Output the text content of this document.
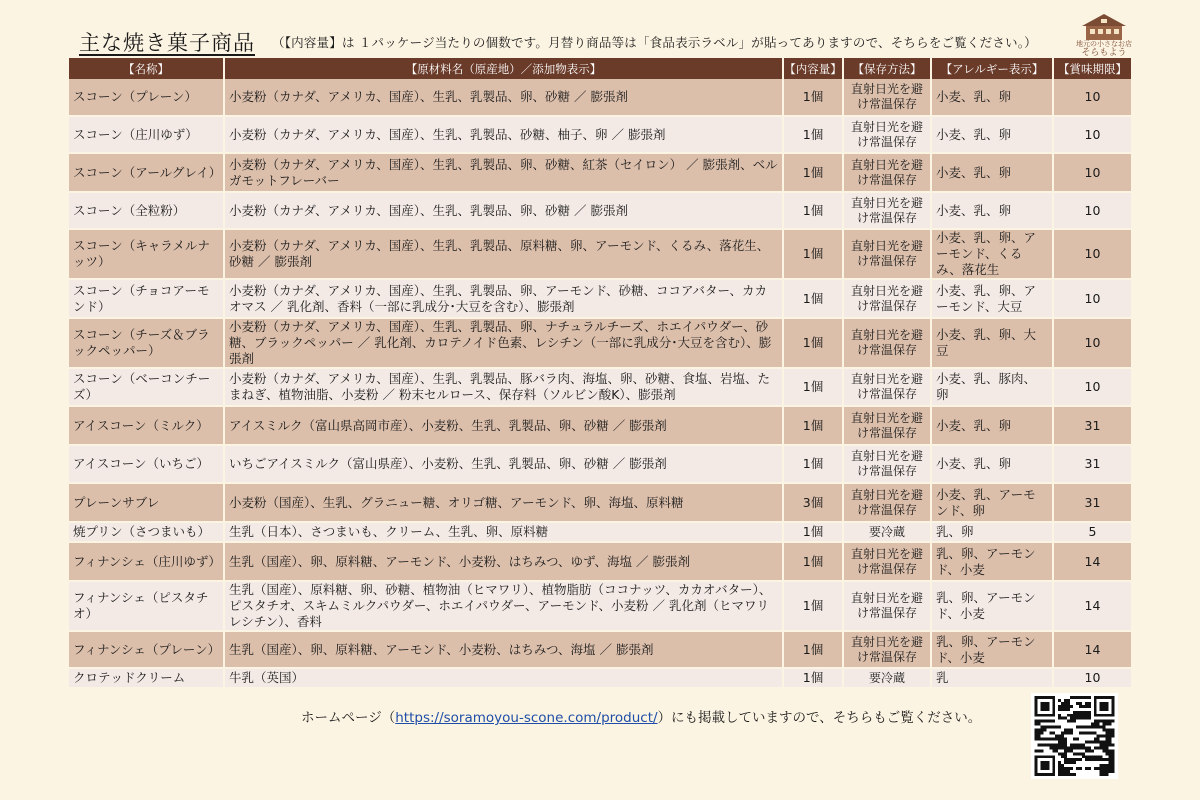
主な焼き菓子商品 （【内容量】は １パッケージ当たりの個数です。月替り商品等は「食品表示ラベル」が貼ってありますので、そちらをご覧ください。）	地元の小さなお店
そらもよう
【名称】	【原材料名（原産地）／添加物表示】	【内容量】	【保存方法】	【アレルギー表示】	【賞味期限】
スコーン（プレーン）	小麦粉（カナダ、アメリカ、国産）、生乳、乳製品、卵、砂糖 ／ 膨張剤	1個	直射日光を避け常温保存	小麦、乳、卵	10
スコーン（庄川ゆず）	小麦粉（カナダ、アメリカ、国産）、生乳、乳製品、砂糖、柚子、卵 ／ 膨張剤	1個	直射日光を避け常温保存	小麦、乳、卵	10
スコーン（アールグレイ）	小麦粉（カナダ、アメリカ、国産）、生乳、乳製品、卵、砂糖、紅茶（セイロン） ／ 膨張剤、ベルガモットフレーバー	1個	直射日光を避け常温保存	小麦、乳、卵	10
スコーン（全粒粉）	小麦粉（カナダ、アメリカ、国産）、生乳、乳製品、卵、砂糖 ／ 膨張剤	1個	直射日光を避け常温保存	小麦、乳、卵	10
スコーン（キャラメルナッツ）	小麦粉（カナダ、アメリカ、国産）、生乳、乳製品、原料糖、卵、アーモンド、くるみ、落花生、砂糖 ／ 膨張剤	1個	直射日光を避け常温保存	小麦、乳、卵、アーモンド、くるみ、落花生	10
スコーン（チョコアーモンド）	小麦粉（カナダ、アメリカ、国産）、生乳、乳製品、卵、アーモンド、砂糖、ココアバター、カカオマス ／ 乳化剤、香料（一部に乳成分･大豆を含む）、膨張剤	1個	直射日光を避け常温保存	小麦、乳、卵、アーモンド、大豆	10
スコーン（チーズ＆ブラックペッパー）	小麦粉（カナダ、アメリカ、国産）、生乳、乳製品、卵、ナチュラルチーズ、ホエイパウダー、砂糖、ブラックペッパー ／ 乳化剤、カロテノイド色素、レシチン（一部に乳成分･大豆を含む）、膨張剤	1個	直射日光を避け常温保存	小麦、乳、卵、大豆	10
スコーン（ベーコンチーズ）	小麦粉（カナダ、アメリカ、国産）、生乳、乳製品、豚バラ肉、海塩、卵、砂糖、食塩、岩塩、たまねぎ、植物油脂、小麦粉 ／ 粉末セルロース、保存料（ソルビン酸K）、膨張剤	1個	直射日光を避け常温保存	小麦、乳、豚肉、卵	10
アイスコーン（ミルク）	アイスミルク（富山県高岡市産）、小麦粉、生乳、乳製品、卵、砂糖 ／ 膨張剤	1個	直射日光を避け常温保存	小麦、乳、卵	31
アイスコーン（いちご）	いちごアイスミルク（富山県産）、小麦粉、生乳、乳製品、卵、砂糖 ／ 膨張剤	1個	直射日光を避け常温保存	小麦、乳、卵	31
プレーンサブレ	小麦粉（国産）、生乳、グラニュー糖、オリゴ糖、アーモンド、卵、海塩、原料糖	3個	直射日光を避け常温保存	小麦、乳、アーモンド、卵	31
焼プリン（さつまいも）	生乳（日本）、さつまいも、クリーム、生乳、卵、原料糖	1個	要冷蔵	乳、卵	5
フィナンシェ（庄川ゆず）	生乳（国産）、卵、原料糖、アーモンド、小麦粉、はちみつ、ゆず、海塩 ／ 膨張剤	1個	直射日光を避け常温保存	乳、卵、アーモンド、小麦	14
フィナンシェ（ピスタチオ）	生乳（国産）、原料糖、卵、砂糖、植物油（ヒマワリ）、植物脂肪（ココナッツ、カカオバター）、ピスタチオ、スキムミルクパウダー、ホエイパウダー、アーモンド、小麦粉 ／ 乳化剤（ヒマワリレシチン）、香料	1個	直射日光を避け常温保存	乳、卵、アーモンド、小麦	14
フィナンシェ（プレーン）	生乳（国産）、卵、原料糖、アーモンド、小麦粉、はちみつ、海塩 ／ 膨張剤	1個	直射日光を避け常温保存	乳、卵、アーモンド、小麦	14
クロテッドクリーム	牛乳（英国）	1個	要冷蔵	乳	10
ホームページ（https://soramoyou-scone.com/product/）にも掲載していますので、そちらもご覧ください。
